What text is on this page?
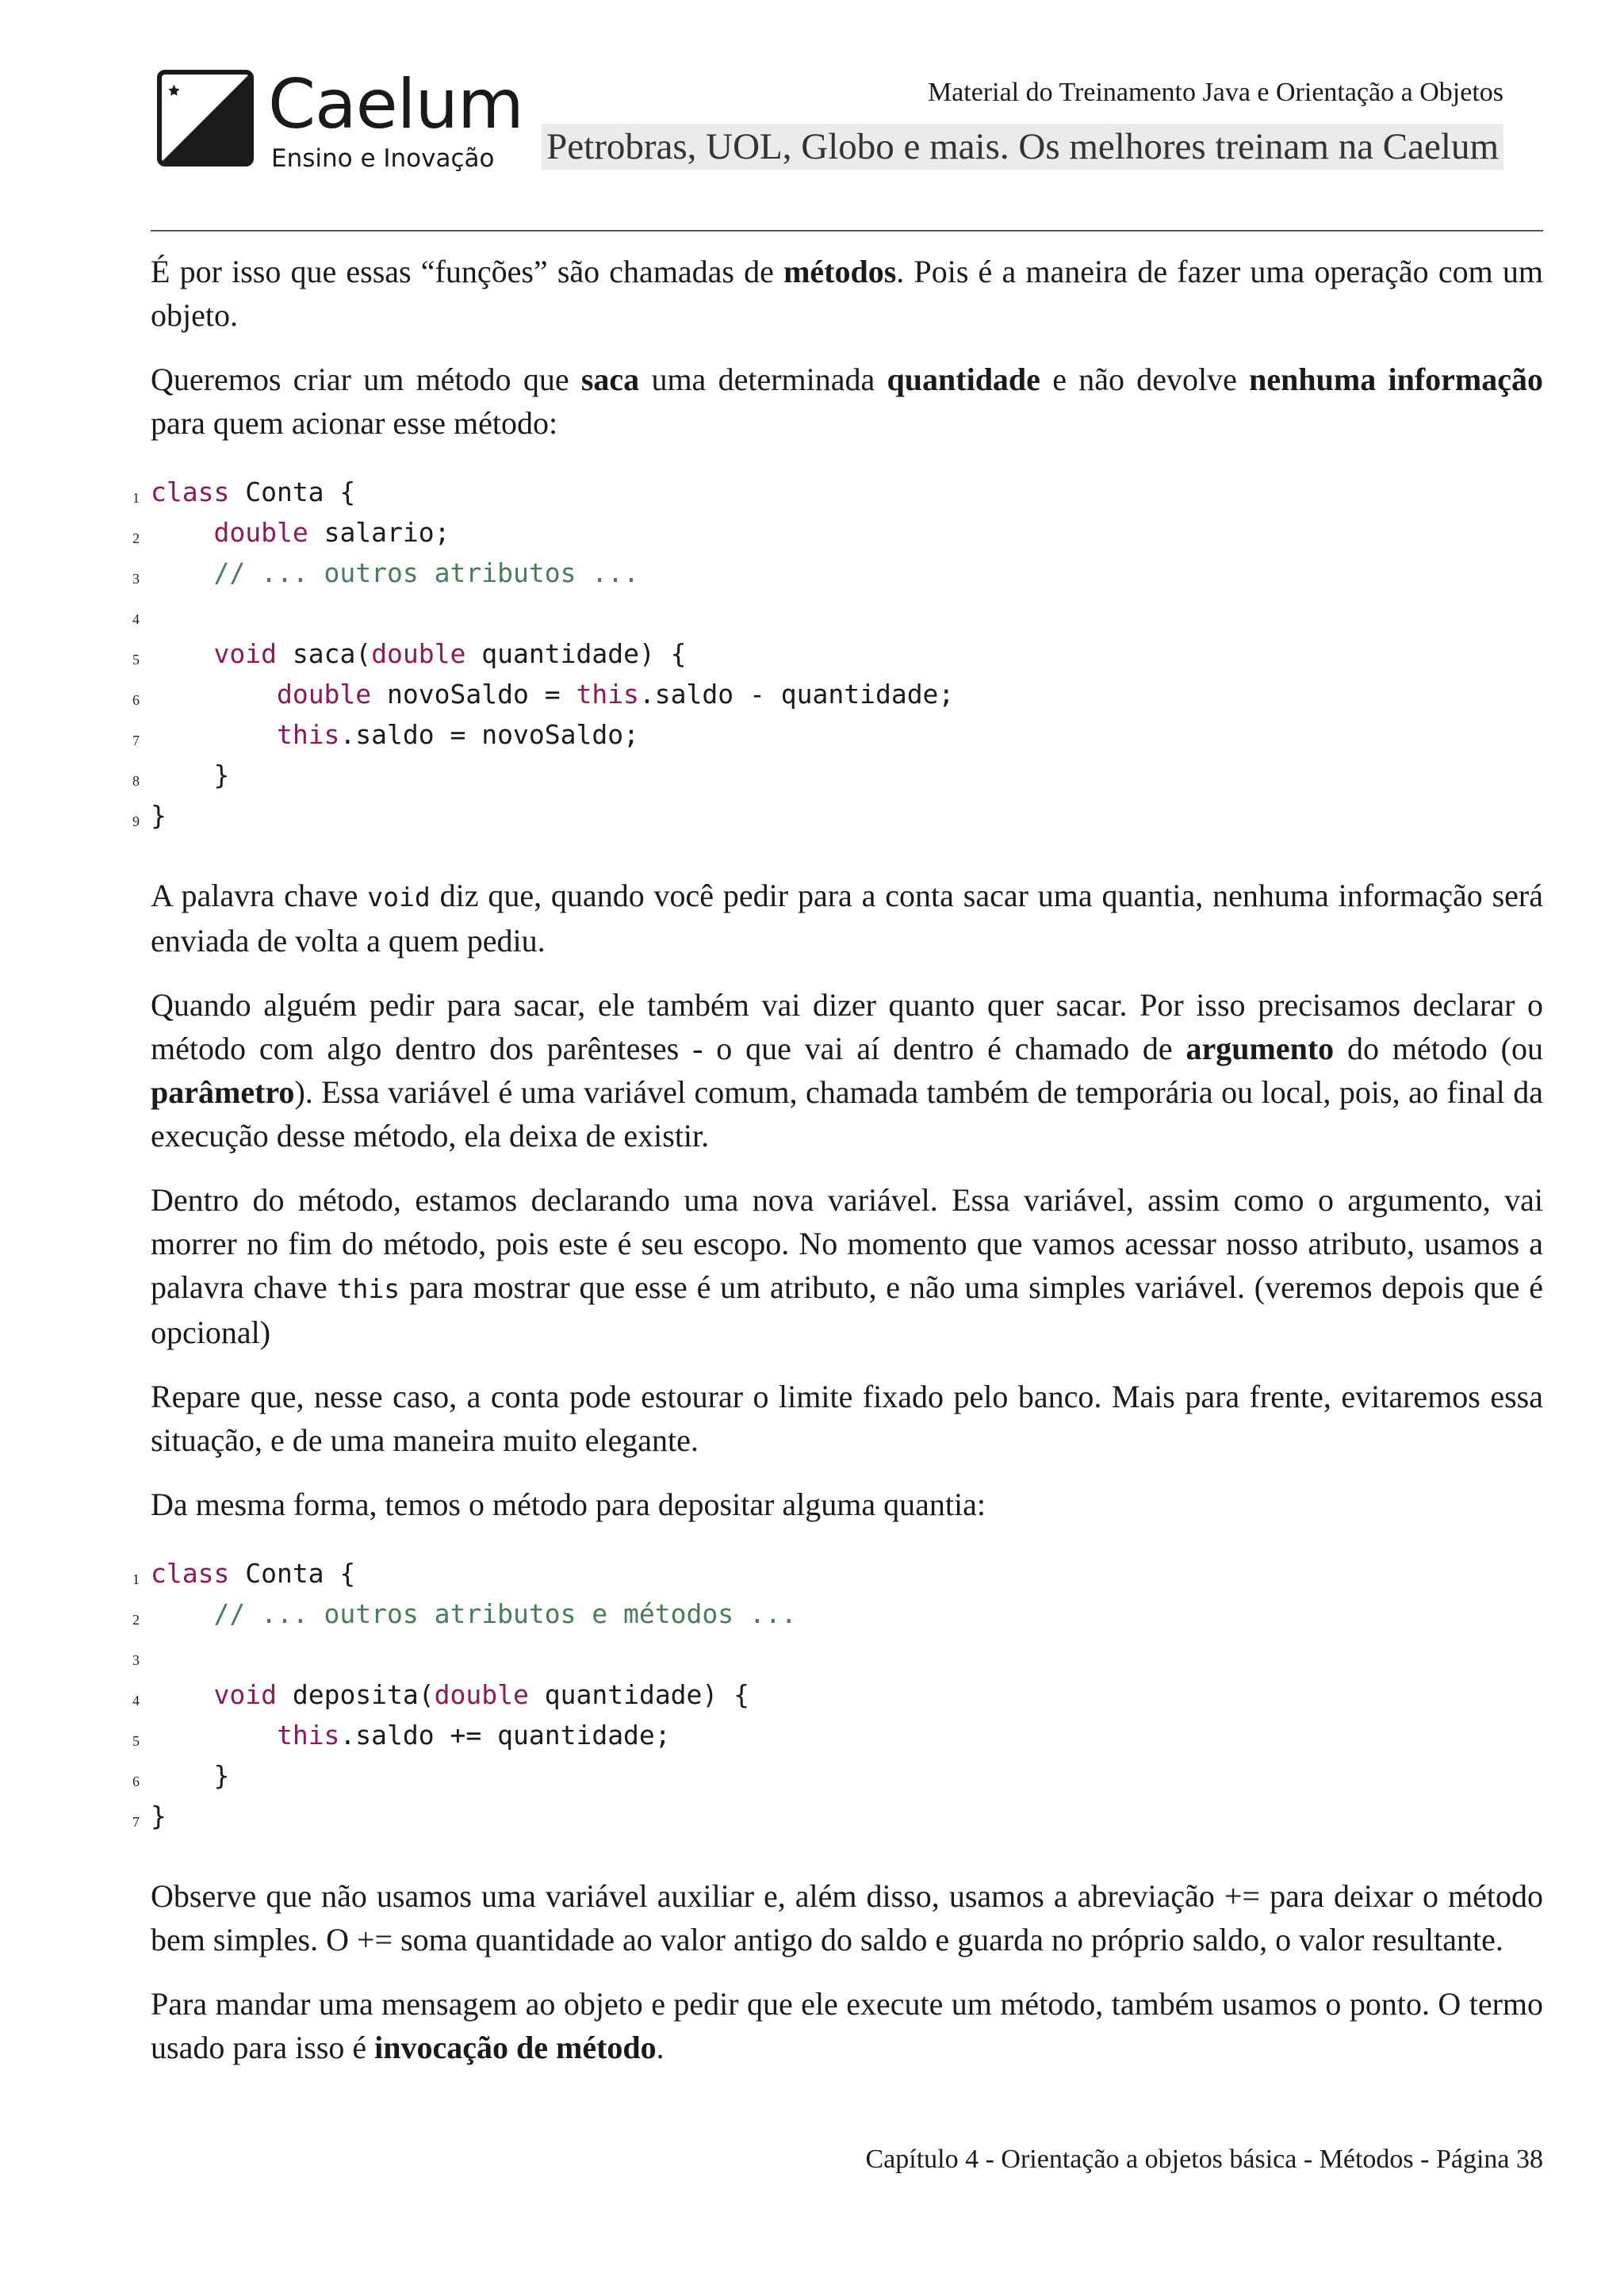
Caelum
Ensino e Inovação
Material do Treinamento Java e Orientação a Objetos
Petrobras, UOL, Globo e mais. Os melhores treinam na Caelum

É por isso que essas “funções” são chamadas de métodos. Pois é a maneira de fazer uma operação com um objeto.

Queremos criar um método que saca uma determinada quantidade e não devolve nenhuma informação para quem acionar esse método:

1 class Conta {
2	double salario;
3	// ... outros atributos ...
4
5	void saca(double quantidade) {
6	double novoSaldo = this.saldo - quantidade;
7	this.saldo = novoSaldo;
8 }
9 }

A palavra chave void diz que, quando você pedir para a conta sacar uma quantia, nenhuma informação será enviada de volta a quem pediu.

Quando alguém pedir para sacar, ele também vai dizer quanto quer sacar. Por isso precisamos declarar o método com algo dentro dos parênteses - o que vai aí dentro é chamado de argumento do método (ou parâmetro). Essa variável é uma variável comum, chamada também de temporária ou local, pois, ao final da execução desse método, ela deixa de existir.

Dentro do método, estamos declarando uma nova variável. Essa variável, assim como o argumento, vai morrer no fim do método, pois este é seu escopo. No momento que vamos acessar nosso atributo, usamos a palavra chave this para mostrar que esse é um atributo, e não uma simples variável. (veremos depois que é opcional)

Repare que, nesse caso, a conta pode estourar o limite fixado pelo banco. Mais para frente, evitaremos essa situação, e de uma maneira muito elegante.

Da mesma forma, temos o método para depositar alguma quantia:

1 class Conta {
2	// ... outros atributos e métodos ...
3
4	void deposita(double quantidade) {
5	this.saldo += quantidade;
6 }
7 }

Observe que não usamos uma variável auxiliar e, além disso, usamos a abreviação += para deixar o método bem simples. O += soma quantidade ao valor antigo do saldo e guarda no próprio saldo, o valor resultante.

Para mandar uma mensagem ao objeto e pedir que ele execute um método, também usamos o ponto. O termo usado para isso é invocação de método.

Capítulo 4 - Orientação a objetos básica - Métodos - Página 38
